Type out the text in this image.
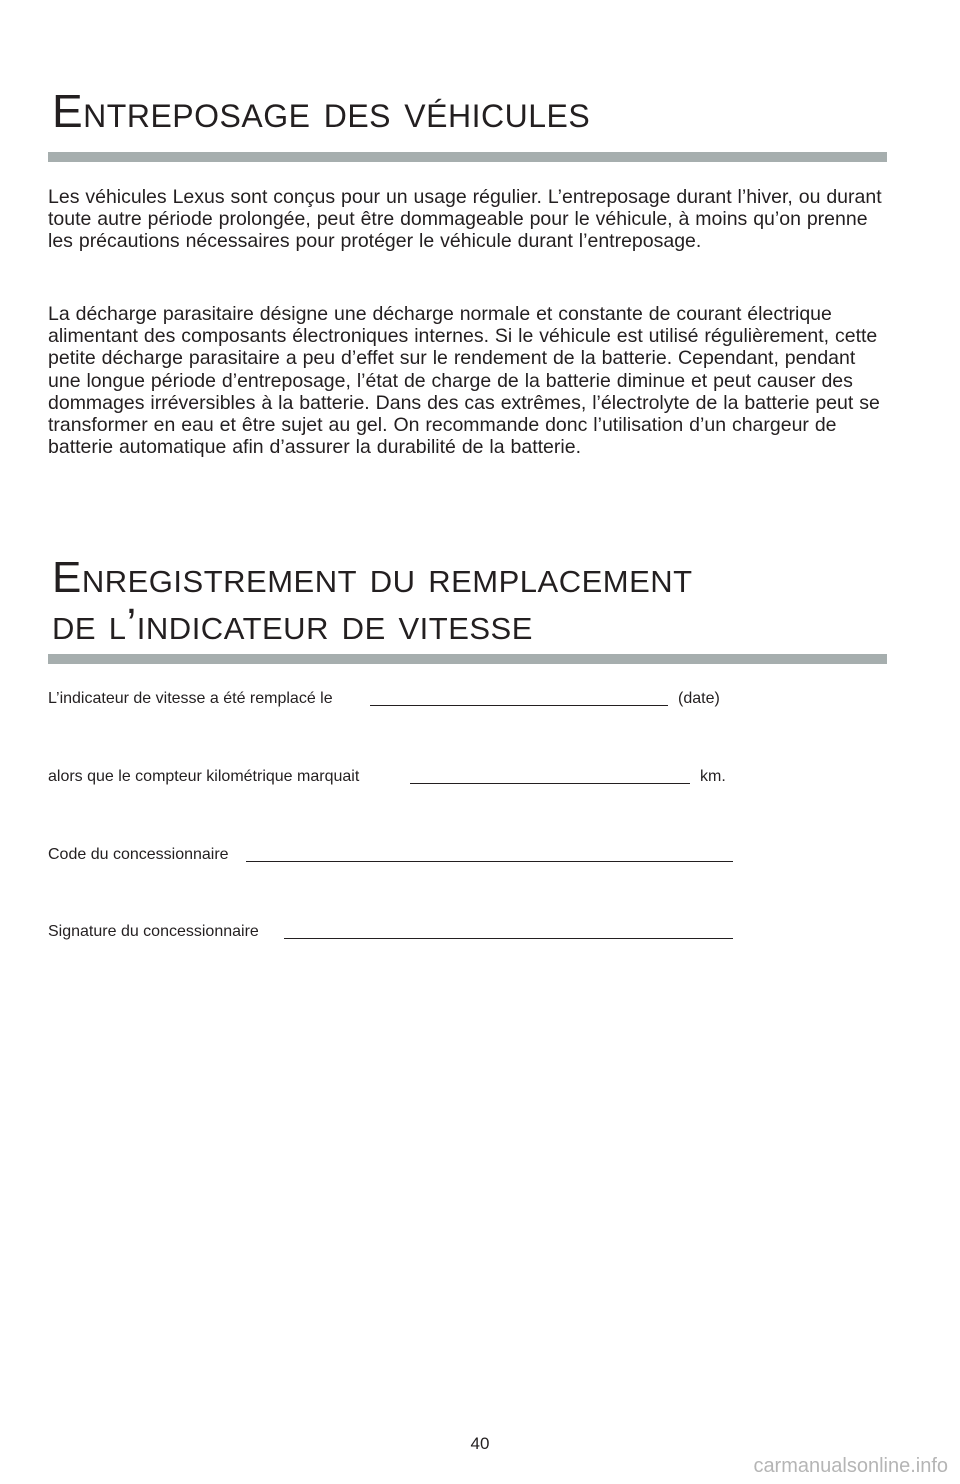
Entreposage des véhicules

Les véhicules Lexus sont conçus pour un usage régulier. L’entreposage durant l’hiver, ou durant toute autre période prolongée, peut être dommageable pour le véhicule, à moins qu’on prenne les précautions nécessaires pour protéger le véhicule durant l’entreposage.

La décharge parasitaire désigne une décharge normale et constante de courant électrique alimentant des composants électroniques internes. Si le véhicule est utilisé régulièrement, cette petite décharge parasitaire a peu d’effet sur le rendement de la batterie. Cependant, pendant une longue période d’entreposage, l’état de charge de la batterie diminue et peut causer des dommages irréversibles à la batterie. Dans des cas extrêmes, l’électrolyte de la batterie peut se transformer en eau et être sujet au gel. On recommande donc l’utilisation d’un chargeur de batterie automatique afin d’assurer la durabilité de la batterie.

Enregistrement du remplacement
de l’indicateur de vitesse
L’indicateur de vitesse a été remplacé le	(date)
alors que le compteur kilométrique marquait	km.
Code du concessionnaire
Signature du concessionnaire
40
carmanualsonline.info
